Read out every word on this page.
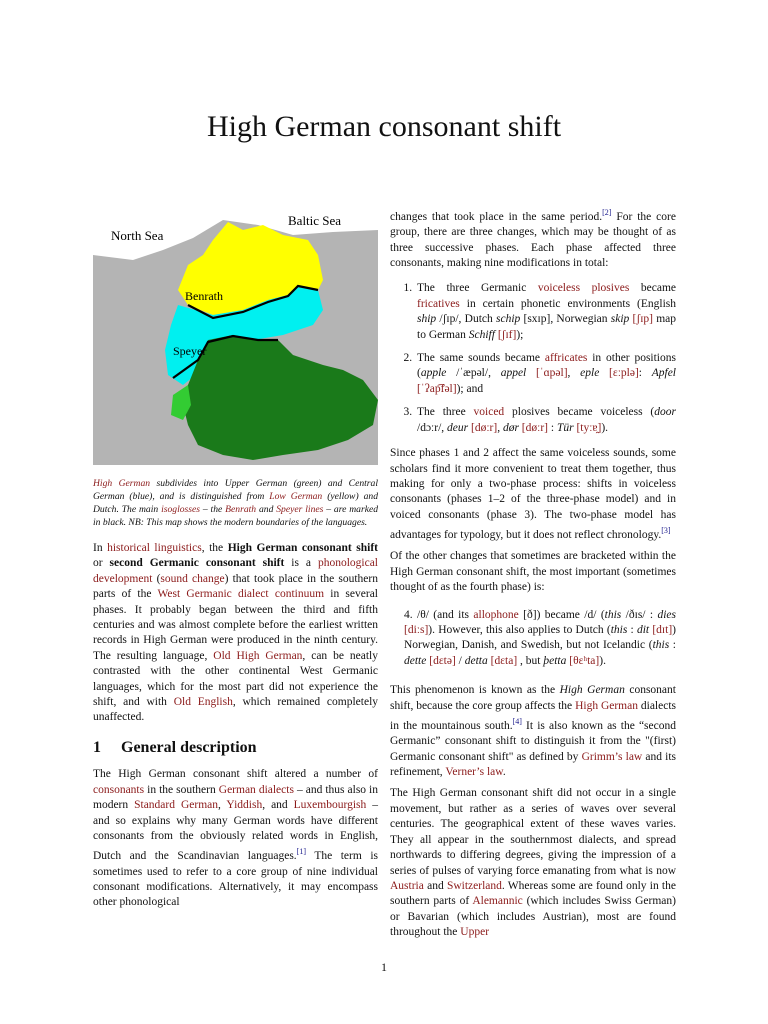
High German consonant shift
North Sea
Baltic Sea
Benrath
Speyer

High German subdivides into Upper German (green) and Central German (blue), and is distinguished from Low German (yellow) and Dutch. The main isoglosses – the Benrath and Speyer lines – are marked in black. NB: This map shows the modern boundaries of the languages.

In historical linguistics, the High German consonant shift or second Germanic consonant shift is a phonological development (sound change) that took place in the southern parts of the West Germanic dialect continuum in several phases. It probably began between the third and fifth centuries and was almost complete before the earliest written records in High German were produced in the ninth century. The resulting language, Old High German, can be neatly contrasted with the other continental West Germanic languages, which for the most part did not experience the shift, and with Old English, which remained completely unaffected.

1 General description

The High German consonant shift altered a number of consonants in the southern German dialects – and thus also in modern Standard German, Yiddish, and Luxembourgish – and so explains why many German words have different consonants from the obviously related words in English, Dutch and the Scandinavian languages.[1] The term is sometimes used to refer to a core group of nine individual consonant modifications. Alternatively, it may encompass other phonological

changes that took place in the same period.[2] For the core group, there are three changes, which may be thought of as three successive phases. Each phase affected three consonants, making nine modifications in total:

1. The three Germanic voiceless plosives became fricatives in certain phonetic environments (English ship /ʃɪp/, Dutch schip [sxɪp], Norwegian skip [ʃɪp] map to German Schiff [ʃɪf]);
2. The same sounds became affricates in other positions (apple /ˈæpəl/, appel [ˈɑpəl], eple [ɛːplə]: Apfel [ˈʔap͡fəl]); and
3. The three voiced plosives became voiceless (door /dɔːr/, deur [døːr], dør [døːr] : Tür [tyːɐ̯]).

Since phases 1 and 2 affect the same voiceless sounds, some scholars find it more convenient to treat them together, thus making for only a two-phase process: shifts in voiceless consonants (phases 1–2 of the three-phase model) and in voiced consonants (phase 3). The two-phase model has advantages for typology, but it does not reflect chronology.[3]

Of the other changes that sometimes are bracketed within the High German consonant shift, the most important (sometimes thought of as the fourth phase) is:

4. /θ/ (and its allophone [ð]) became /d/ (this /ðɪs/ : dies [diːs]). However, this also applies to Dutch (this : dit [dɪt]) Norwegian, Danish, and Swedish, but not Icelandic (this : dette [dɛtə] / detta [dɛta] , but þetta [θɛʰta]).

This phenomenon is known as the High German consonant shift, because the core group affects the High German dialects in the mountainous south.[4] It is also known as the “second Germanic” consonant shift to distinguish it from the "(first) Germanic consonant shift" as defined by Grimm’s law and its refinement, Verner’s law.

The High German consonant shift did not occur in a single movement, but rather as a series of waves over several centuries. The geographical extent of these waves varies. They all appear in the southernmost dialects, and spread northwards to differing degrees, giving the impression of a series of pulses of varying force emanating from what is now Austria and Switzerland. Whereas some are found only in the southern parts of Alemannic (which includes Swiss German) or Bavarian (which includes Austrian), most are found throughout the Upper

1
